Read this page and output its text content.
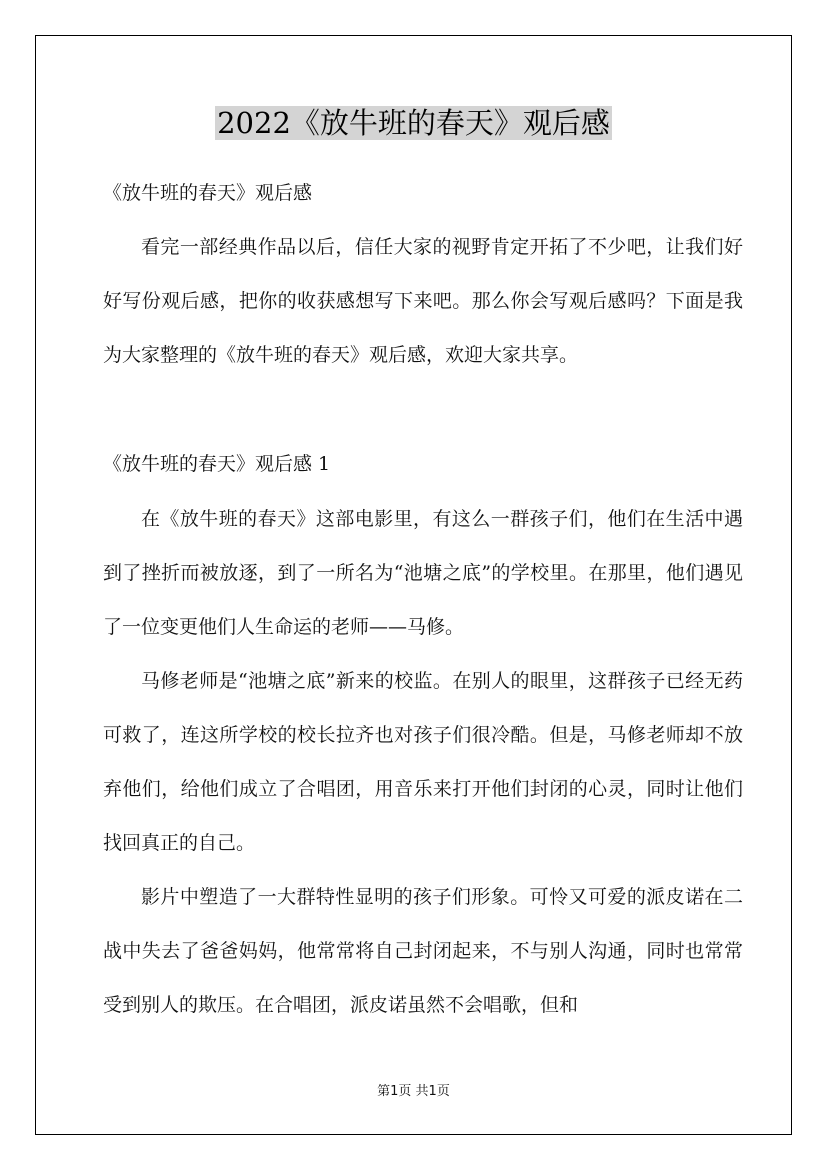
2022《放牛班的春天》观后感
《放牛班的春天》观后感

看完一部经典作品以后，信任大家的视野肯定开拓了不少吧，让我们好好写份观后感，把你的收获感想写下来吧。那么你会写观后感吗？下面是我为大家整理的《放牛班的春天》观后感，欢迎大家共享。

《放牛班的春天》观后感 1

在《放牛班的春天》这部电影里，有这么一群孩子们，他们在生活中遇到了挫折而被放逐，到了一所名为“池塘之底”的学校里。在那里，他们遇见了一位变更他们人生命运的老师——马修。

马修老师是“池塘之底”新来的校监。在别人的眼里，这群孩子已经无药可救了，连这所学校的校长拉齐也对孩子们很冷酷。但是，马修老师却不放弃他们，给他们成立了合唱团，用音乐来打开他们封闭的心灵，同时让他们找回真正的自己。

影片中塑造了一大群特性显明的孩子们形象。可怜又可爱的派皮诺在二战中失去了爸爸妈妈，他常常将自己封闭起来，不与别人沟通，同时也常常受到别人的欺压。在合唱团，派皮诺虽然不会唱歌，但和

第1页 共1页
